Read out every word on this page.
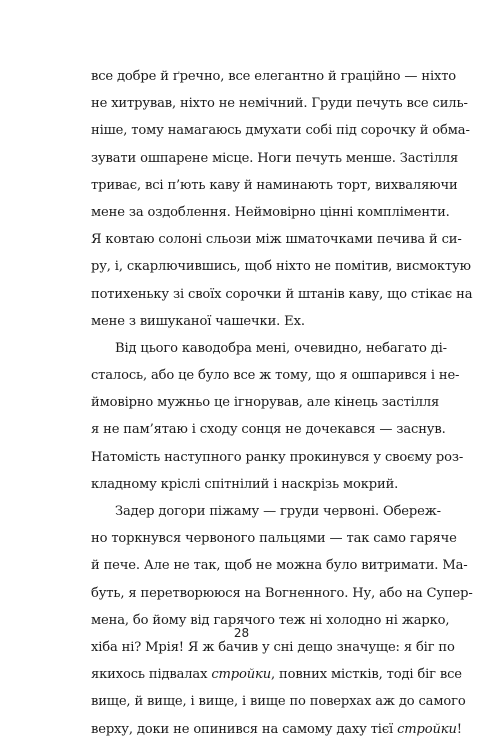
все добре й ґречно, все елегантно й граційно — ніхто
не хитрував, ніхто не немічний. Груди печуть все силь-
ніше, тому намагаюсь дмухати собі під сорочку й обма-
зувати ошпарене місце. Ноги печуть менше. Застілля
триває, всі п’ють каву й наминають торт, вихваляючи
мене за оздоблення. Неймовірно цінні компліменти.
Я ковтаю солоні сльози між шматочками печива й си-
ру, і, скарлючившись, щоб ніхто не помітив, висмоктую
потихеньку зі своїх сорочки й штанів каву, що стікає на
мене з вишуканої чашечки. Ех.
Від цього каводобра мені, очевидно, небагато ді-
сталось, або це було все ж тому, що я ошпарився і не-
ймовірно мужньо це ігнорував, але кінець застілля
я не пам’ятаю і сходу сонця не дочекався — заснув.
Натомість наступного ранку прокинувся у своєму роз-
кладному кріслі спітнілий і наскрізь мокрий.
Задер догори піжаму — груди червоні. Обереж-
но торкнувся червоного пальцями — так само гаряче
й пече. Але не так, щоб не можна було витримати. Ма-
буть, я перетворююся на Вогненного. Ну, або на Супер-
мена, бо йому від гарячого теж ні холодно ні жарко,
хіба ні? Мрія! Я ж бачив у сні дещо значуще: я біг по
якихось підвалах стройки, повних містків, тоді біг все
вище, й вище, і вище, і вище по поверхах аж до самого
верху, доки не опинився на самому даху тієї стройки!
28
